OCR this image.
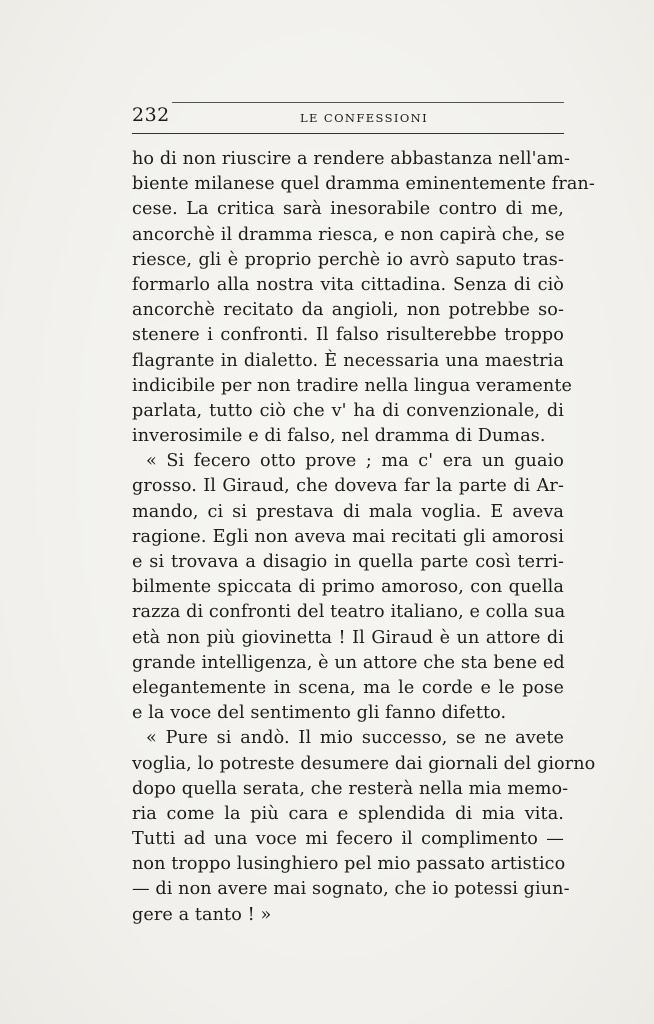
232	LE CONFESSIONI
ho di non riuscire a rendere abbastanza nell'am-
biente milanese quel dramma eminentemente fran-
cese. La critica sarà inesorabile contro di me,
ancorchè il dramma riesca, e non capirà che, se
riesce, gli è proprio perchè io avrò saputo tras-
formarlo alla nostra vita cittadina. Senza di ciò
ancorchè recitato da angioli, non potrebbe so-
stenere i confronti. Il falso risulterebbe troppo
flagrante in dialetto. È necessaria una maestria
indicibile per non tradire nella lingua veramente
parlata, tutto ciò che v' ha di convenzionale, di
inverosimile e di falso, nel dramma di Dumas.
« Si fecero otto prove ; ma c' era un guaio
grosso. Il Giraud, che doveva far la parte di Ar-
mando, ci si prestava di mala voglia. E aveva
ragione. Egli non aveva mai recitati gli amorosi
e si trovava a disagio in quella parte così terri-
bilmente spiccata di primo amoroso, con quella
razza di confronti del teatro italiano, e colla sua
età non più giovinetta ! Il Giraud è un attore di
grande intelligenza, è un attore che sta bene ed
elegantemente in scena, ma le corde e le pose
e la voce del sentimento gli fanno difetto.
« Pure si andò. Il mio successo, se ne avete
voglia, lo potreste desumere dai giornali del giorno
dopo quella serata, che resterà nella mia memo-
ria come la più cara e splendida di mia vita.
Tutti ad una voce mi fecero il complimento —
non troppo lusinghiero pel mio passato artistico
— di non avere mai sognato, che io potessi giun-
gere a tanto ! »
